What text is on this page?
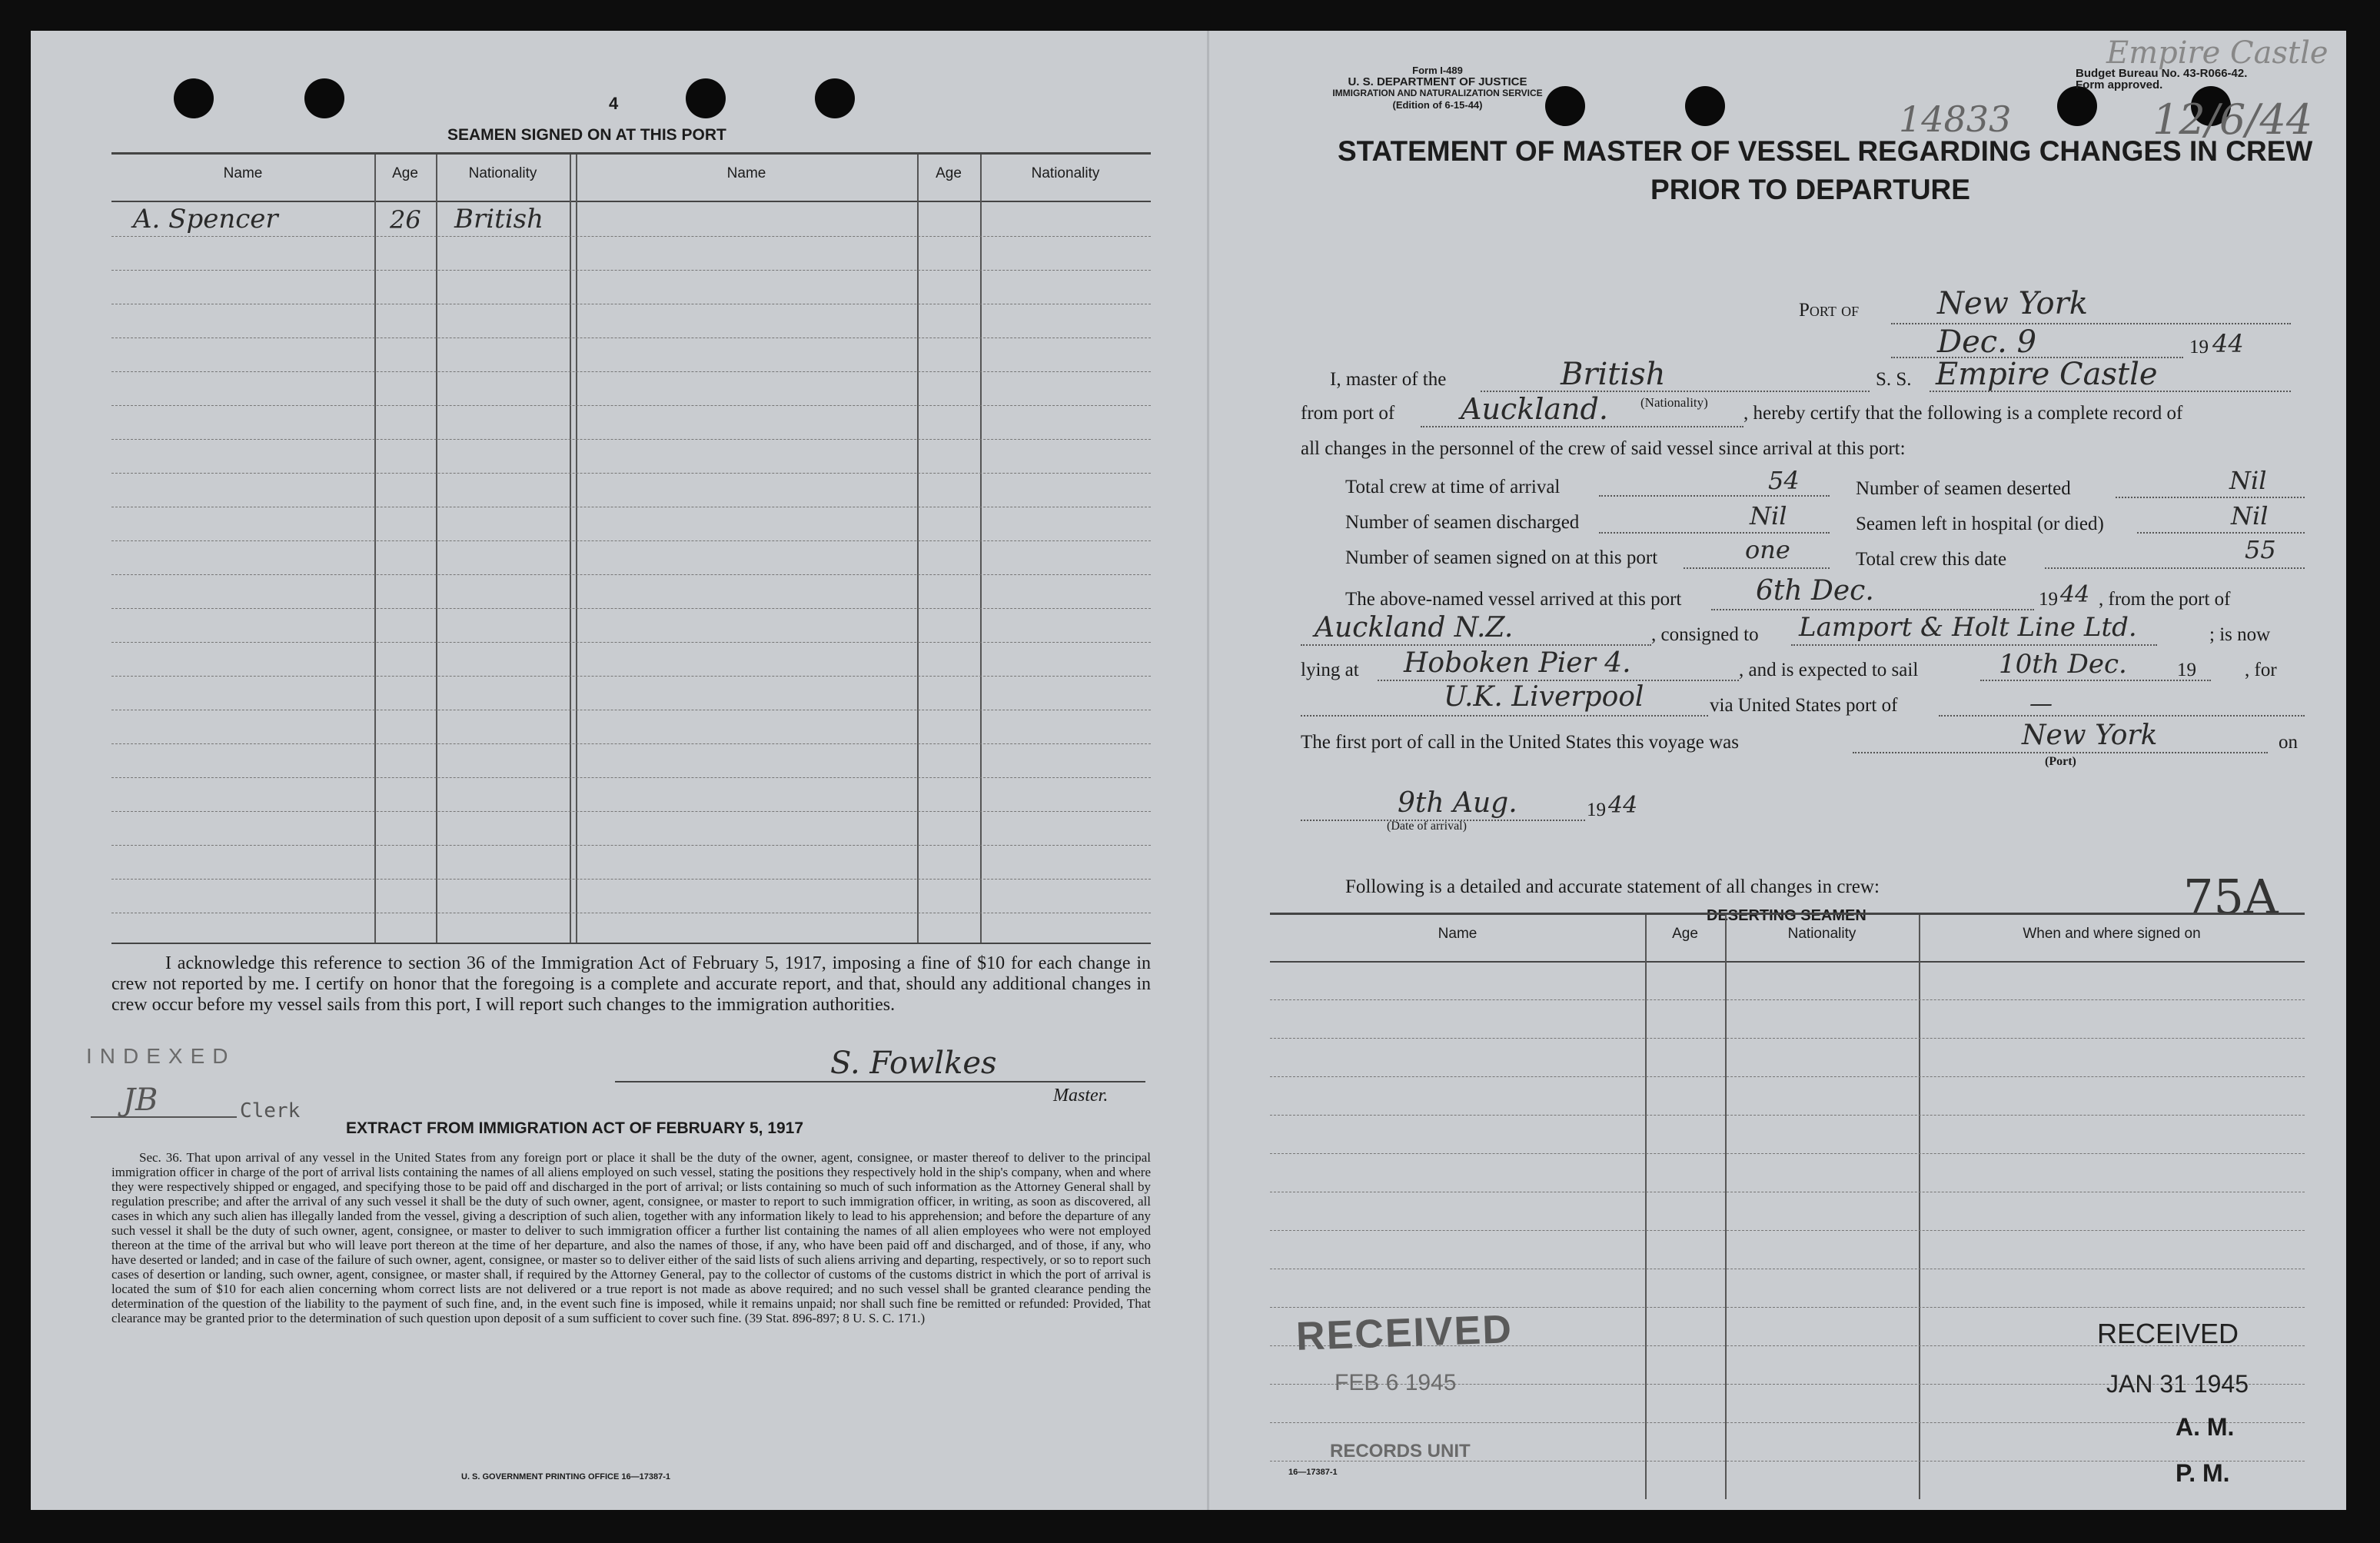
4
SEAMEN SIGNED ON AT THIS PORT
Name	Age	Nationality	Name	Age	Nationality
A. Spencer	26 British
I acknowledge this reference to section 36 of the Immigration Act of February 5, 1917, imposing a fine of $10 for each change in crew not reported by me. I certify on honor that the foregoing is a complete and accurate report, and that, should any additional changes in crew occur before my vessel sails from this port, I will report such changes to the immigration authorities.
INDEXED
JB	Clerk
S. Fowlkes
Master.
EXTRACT FROM IMMIGRATION ACT OF FEBRUARY 5, 1917
Sec. 36. That upon arrival of any vessel in the United States from any foreign port or place it shall be the duty of the owner, agent, consignee, or master thereof to deliver to the principal immigration officer in charge of the port of arrival lists containing the names of all aliens employed on such vessel, stating the positions they respectively hold in the ship's company, when and where they were respectively shipped or engaged, and specifying those to be paid off and discharged in the port of arrival; or lists containing so much of such information as the Attorney General shall by regulation prescribe; and after the arrival of any such vessel it shall be the duty of such owner, agent, consignee, or master to report to such immigration officer, in writing, as soon as discovered, all cases in which any such alien has illegally landed from the vessel, giving a description of such alien, together with any information likely to lead to his apprehension; and before the departure of any such vessel it shall be the duty of such owner, agent, consignee, or master to deliver to such immigration officer a further list containing the names of all alien employees who were not employed thereon at the time of the arrival but who will leave port thereon at the time of her departure, and also the names of those, if any, who have been paid off and discharged, and of those, if any, who have deserted or landed; and in case of the failure of such owner, agent, consignee, or master so to deliver either of the said lists of such aliens arriving and departing, respectively, or so to report such cases of desertion or landing, such owner, agent, consignee, or master shall, if required by the Attorney General, pay to the collector of customs of the customs district in which the port of arrival is located the sum of $10 for each alien concerning whom correct lists are not delivered or a true report is not made as above required; and no such vessel shall be granted clearance pending the determination of the question of the liability to the payment of such fine, and, in the event such fine is imposed, while it remains unpaid; nor shall such fine be remitted or refunded: Provided, That clearance may be granted prior to the determination of such question upon deposit of a sum sufficient to cover such fine. (39 Stat. 896-897; 8 U. S. C. 171.)
U. S. GOVERNMENT PRINTING OFFICE 16—17387-1
Form I-489
U. S. DEPARTMENT OF JUSTICE
IMMIGRATION AND NATURALIZATION SERVICE
(Edition of 6-15-44)
Empire Castle
Budget Bureau No. 43-R066-42.
Form approved.
14833	12/6/44
STATEMENT OF MASTER OF VESSEL REGARDING CHANGES IN CREW
PRIOR TO DEPARTURE
Port of	New York
Dec. 9	19 44
I, master of the	British
(Nationality)
S. S. Empire Castle
from port of Auckland.	, hereby certify that the following is a complete record of
all changes in the personnel of the crew of said vessel since arrival at this port:
Total crew at time of arrival	54	Number of seamen deserted	Nil
Number of seamen discharged	Nil	Seamen left in hospital (or died)	Nil
Number of seamen signed on at this port	one	Total crew this date	55
The above-named vessel arrived at this port	6th Dec.	19 44 , from the port of
Auckland N.Z.	, consigned to Lamport & Holt Line Ltd.	; is now
lying at Hoboken Pier 4.	, and is expected to sail	10th Dec.	19	, for
U.K. Liverpool	via United States port of	—
The first port of call in the United States this voyage was	New York
(Port)
on
9th Aug.
(Date of arrival)
19 44
Following is a detailed and accurate statement of all changes in crew:	75A
DESERTING SEAMEN
Name	Age	Nationality	When and where signed on
RECEIVED
FEB 6 1945
RECORDS UNIT
RECEIVED
JAN 31 1945
A. M.
P. M.
16—17387-1
